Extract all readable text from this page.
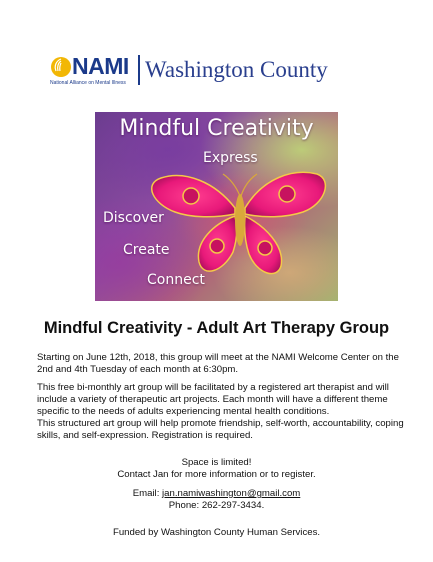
NAMI
National Alliance on Mental Illness
Washington County
Mindful Creativity
Express
Discover
Create
Connect
Mindful Creativity - Adult Art Therapy Group
Starting on June 12th, 2018, this group will meet at the NAMI Welcome Center on the 2nd and 4th Tuesday of each month at 6:30pm.
This free bi-monthly art group will be facilitated by a registered art therapist and will include a variety of therapeutic art projects. Each month will have a different theme specific to the needs of adults experiencing mental health conditions.
This structured art group will help promote friendship, self-worth, accountability, coping skills, and self-expression. Registration is required.
Space is limited!
Contact Jan for more information or to register.
Email: jan.namiwashington@gmail.com
Phone: 262-297-3434.
Funded by Washington County Human Services.
